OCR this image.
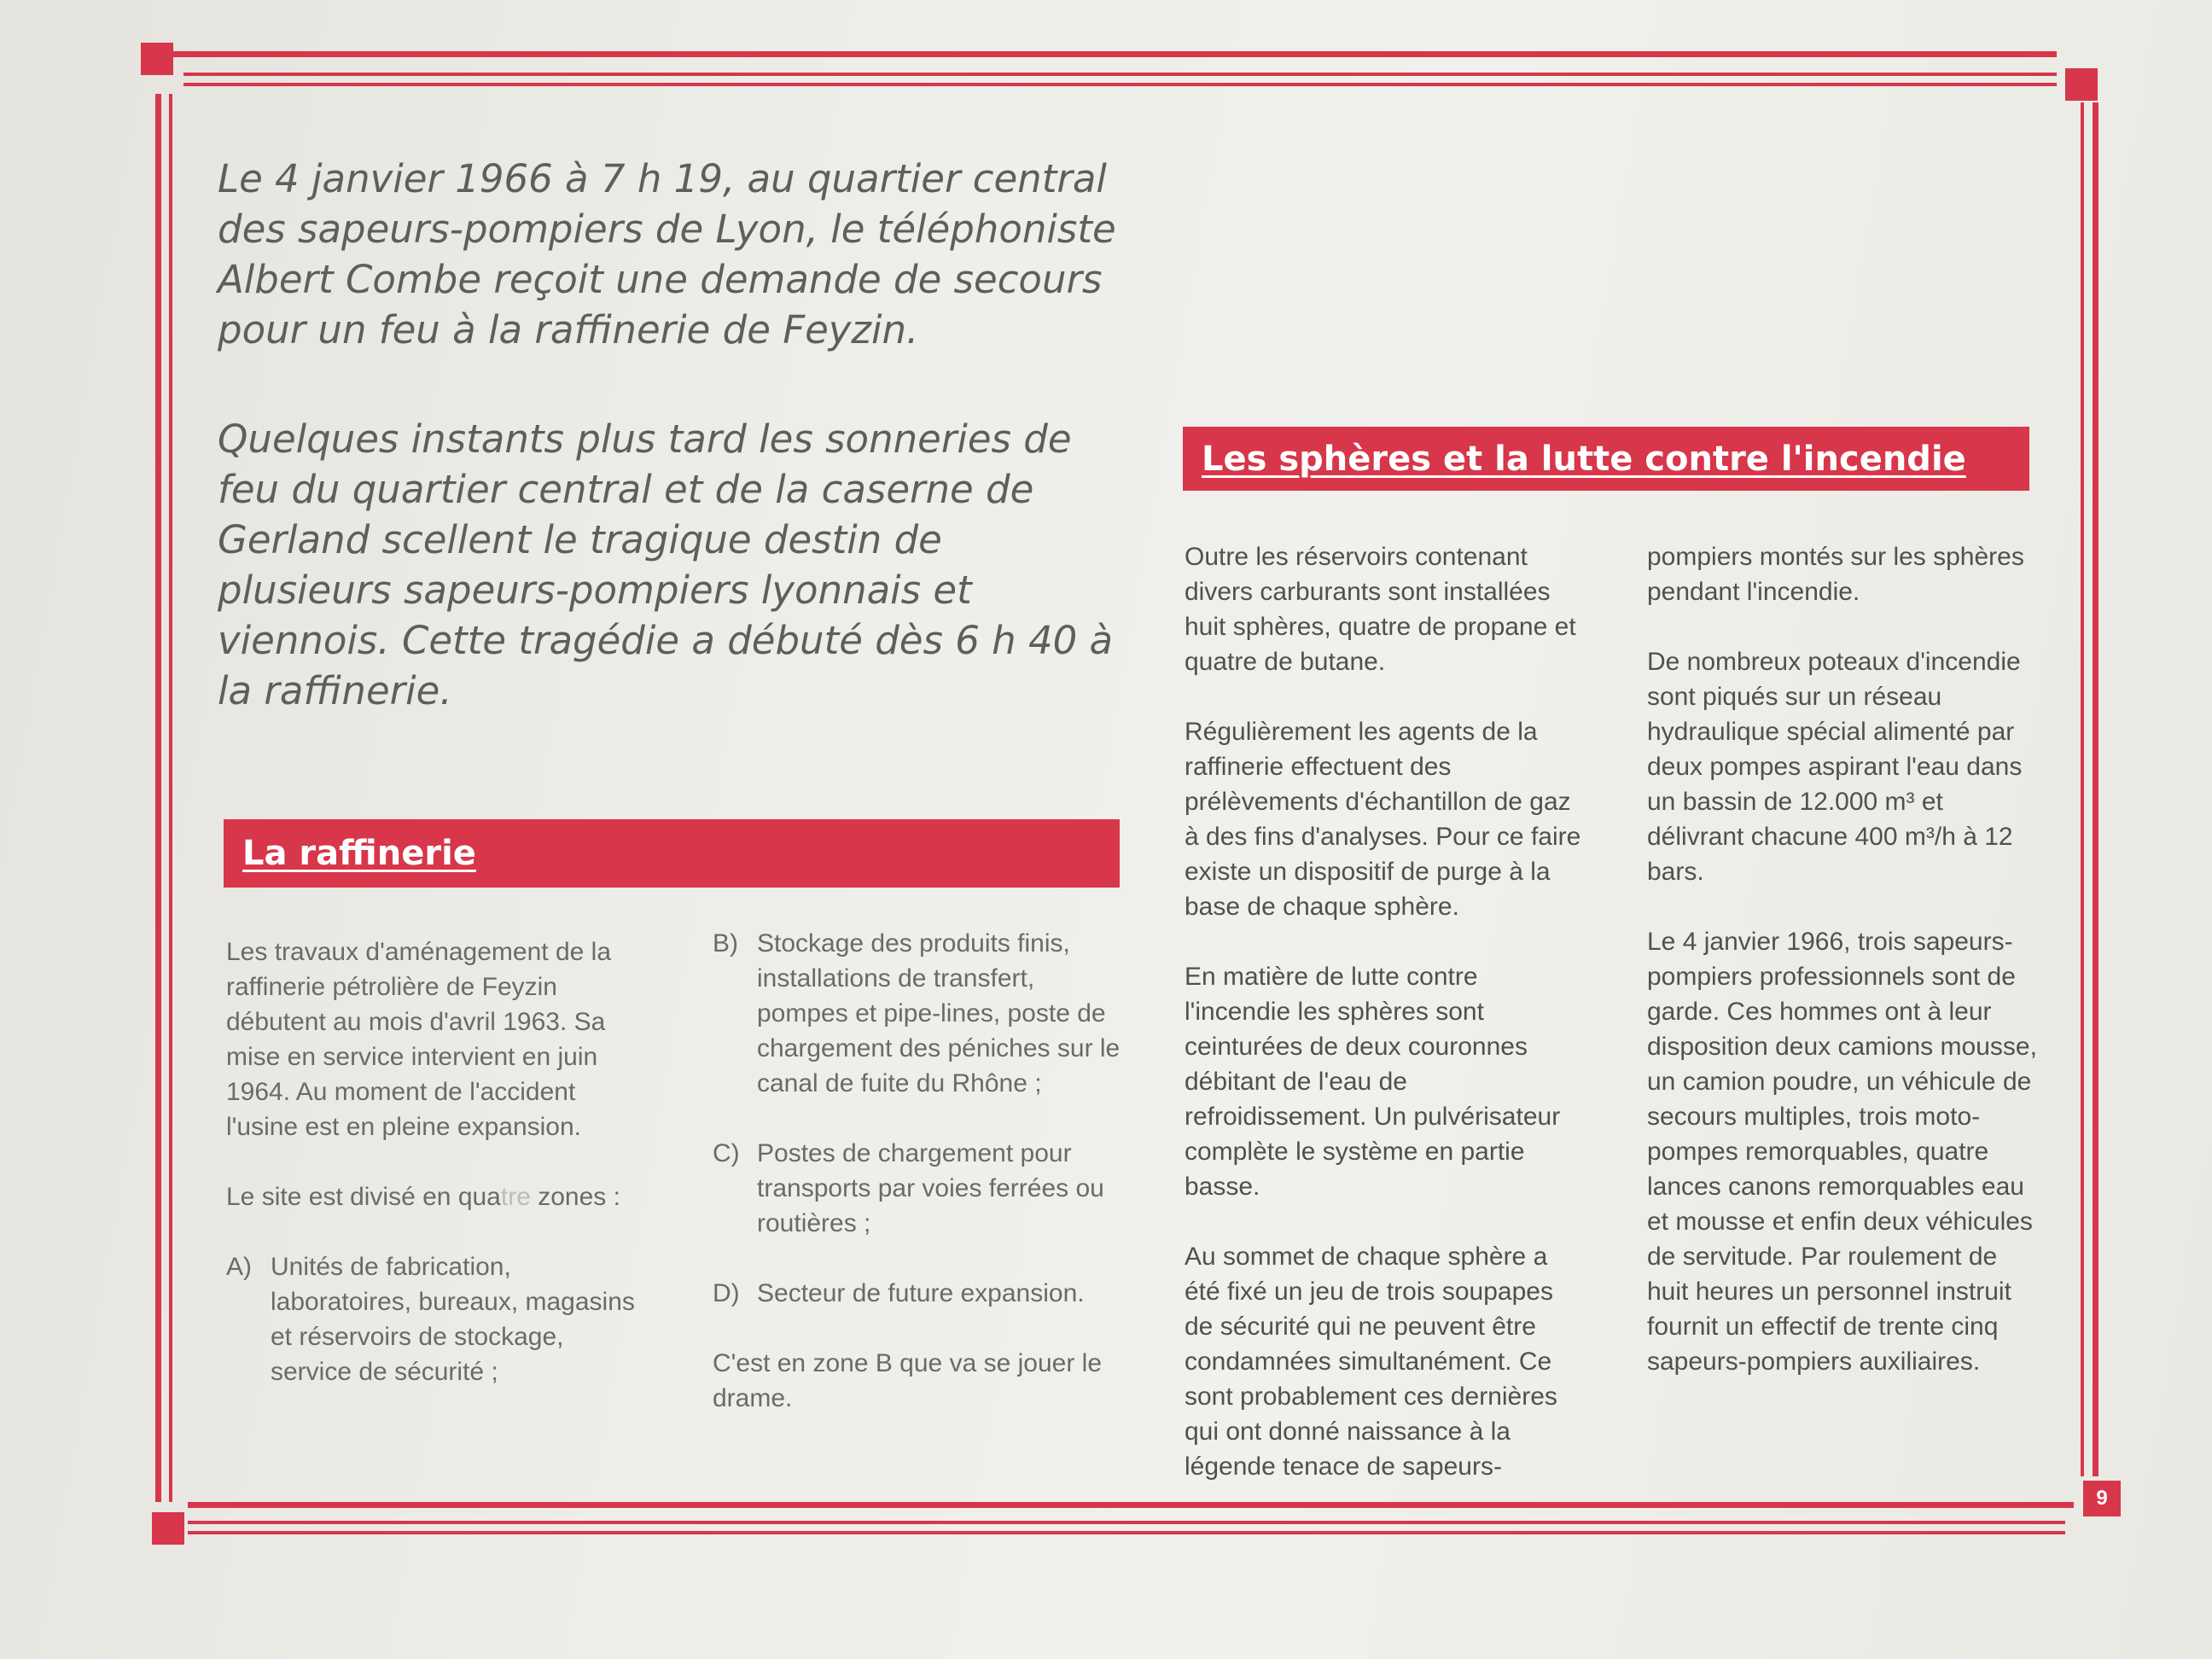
9

Le 4 janvier 1966 à 7 h 19, au quartier central des sapeurs-pompiers de Lyon, le téléphoniste Albert Combe reçoit une demande de secours pour un feu à la raffinerie de Feyzin.

Quelques instants plus tard les sonneries de feu du quartier central et de la caserne de Gerland scellent le tragique destin de plusieurs sapeurs-pompiers lyonnais et viennois. Cette tragédie a débuté dès 6 h 40 à la raffinerie.

La raffinerie

Les travaux d'aménagement de la raffinerie pétrolière de Feyzin débutent au mois d'avril 1963. Sa mise en service intervient en juin 1964. Au moment de l'accident l'usine est en pleine expansion.

Le site est divisé en quatre zones :

A) Unités de fabrication, laboratoires, bureaux, magasins et réservoirs de stockage, service de sécurité ;
B) Stockage des produits finis, installations de transfert, pompes et pipe-lines, poste de chargement des péniches sur le canal de fuite du Rhône ;
C) Postes de chargement pour transports par voies ferrées ou routières ;
D) Secteur de future expansion.

C'est en zone B que va se jouer le drame.

Les sphères et la lutte contre l'incendie

Outre les réservoirs contenant divers carburants sont installées huit sphères, quatre de propane et quatre de butane.

Régulièrement les agents de la raffinerie effectuent des prélèvements d'échantillon de gaz à des fins d'analyses. Pour ce faire existe un dispositif de purge à la base de chaque sphère.

En matière de lutte contre l'incendie les sphères sont ceinturées de deux couronnes débitant de l'eau de refroidissement. Un pulvérisateur complète le système en partie basse.

Au sommet de chaque sphère a été fixé un jeu de trois soupapes de sécurité qui ne peuvent être condamnées simultanément. Ce sont probablement ces dernières qui ont donné naissance à la légende tenace de sapeurs-

pompiers montés sur les sphères pendant l'incendie.

De nombreux poteaux d'incendie sont piqués sur un réseau hydraulique spécial alimenté par deux pompes aspirant l'eau dans un bassin de 12.000 m³ et délivrant chacune 400 m³/h à 12 bars.

Le 4 janvier 1966, trois sapeurs-pompiers professionnels sont de garde. Ces hommes ont à leur disposition deux camions mousse, un camion poudre, un véhicule de secours multiples, trois moto-pompes remorquables, quatre lances canons remorquables eau et mousse et enfin deux véhicules de servitude. Par roulement de huit heures un personnel instruit fournit un effectif de trente cinq sapeurs-pompiers auxiliaires.
